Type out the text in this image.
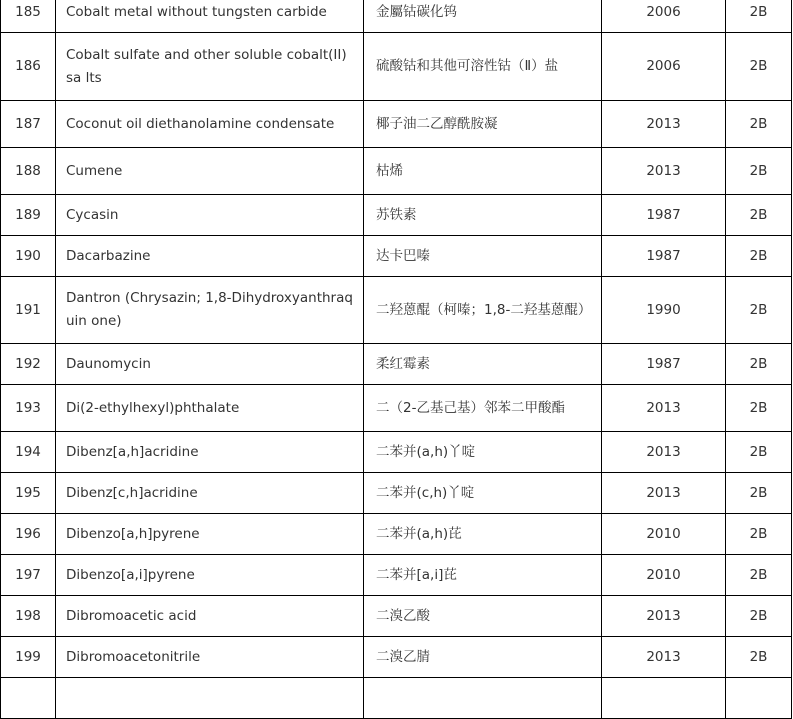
185	Cobalt metal without tungsten carbide	金屬钴碳化钨	2006	2B
186	Cobalt sulfate and other soluble cobalt(II) sa lts	硫酸钴和其他可溶性钴（Ⅱ）盐	2006	2B
187	Coconut oil diethanolamine condensate	椰子油二乙醇酰胺凝	2013	2B
188	Cumene	枯烯	2013	2B
189	Cycasin	苏铁素	1987	2B
190	Dacarbazine	达卡巴嗪	1987	2B
191	Dantron (Chrysazin; 1,8-Dihydroxyanthraquin one)	二羟蒽醌（柯嗪；1,8-二羟基蒽醌）	1990	2B
192	Daunomycin	柔红霉素	1987	2B
193	Di(2-ethylhexyl)phthalate	二（2-乙基己基）邻苯二甲酸酯	2013	2B
194	Dibenz[a,h]acridine	二苯并(a,h)丫啶	2013	2B
195	Dibenz[c,h]acridine	二苯并(c,h)丫啶	2013	2B
196	Dibenzo[a,h]pyrene	二苯并(a,h)芘	2010	2B
197	Dibenzo[a,i]pyrene	二苯并[a,i]芘	2010	2B
198	Dibromoacetic acid	二溴乙酸	2013	2B
199	Dibromoacetonitrile	二溴乙腈	2013	2B
